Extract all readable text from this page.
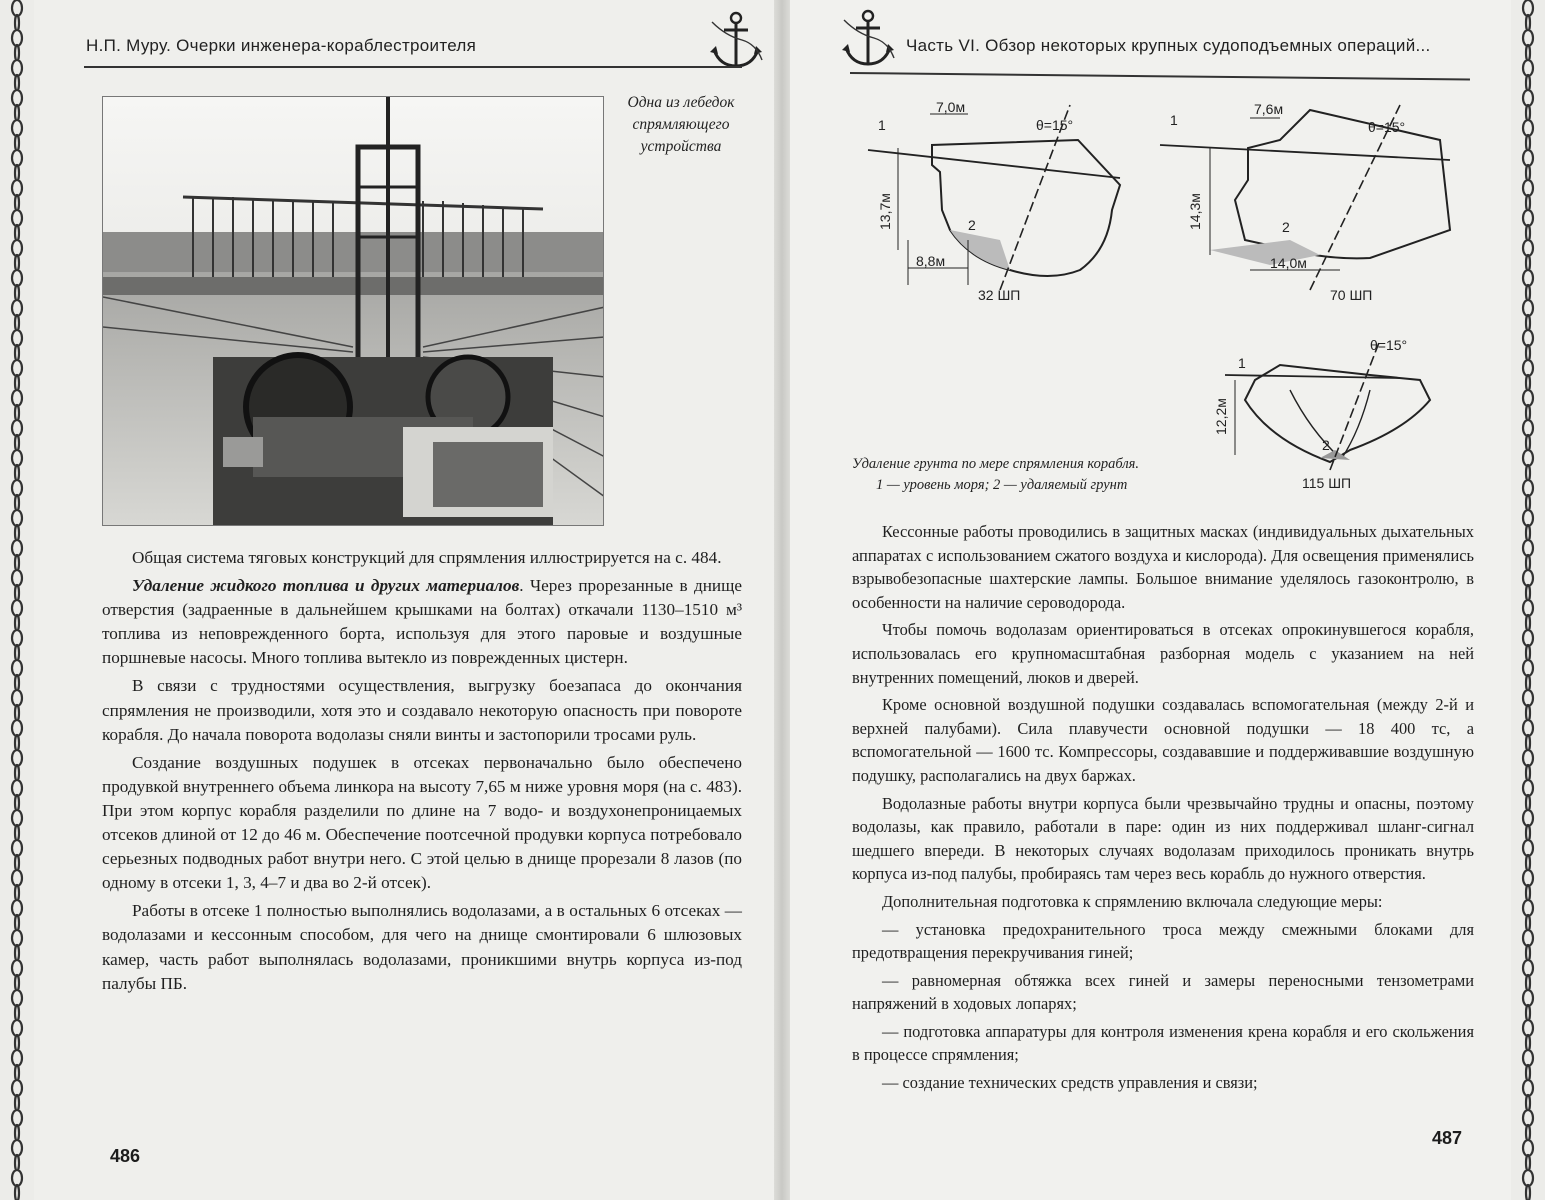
Н.П. Муру. Очерки инженера-кораблестроителя
Одна из лебедок
спрямляющего
устройства

Общая система тяговых конструкций для спрямления иллюстрируется на с. 484.

Удаление жидкого топлива и других материалов. Через прорезанные в днище отверстия (задраенные в дальнейшем крышками на болтах) откачали 1130–1510 м³ топлива из неповрежденного борта, используя для этого паровые и воздушные поршневые насосы. Много топлива вытекло из поврежденных цистерн.

В связи с трудностями осуществления, выгрузку боезапаса до окончания спрямления не производили, хотя это и создавало некоторую опасность при повороте корабля. До начала поворота водолазы сняли винты и застопорили тросами руль.

Создание воздушных подушек в отсеках первоначально было обеспечено продувкой внутреннего объема линкора на высоту 7,65 м ниже уровня моря (на с. 483). При этом корпус корабля разделили по длине на 7 водо- и воздухонепроницаемых отсеков длиной от 12 до 46 м. Обеспечение поотсечной продувки корпуса потребовало серьезных подводных работ внутри него. С этой целью в днище прорезали 8 лазов (по одному в отсеки 1, 3, 4–7 и два во 2-й отсек).

Работы в отсеке 1 полностью выполнялись водолазами, а в остальных 6 отсеках — водолазами и кессонным способом, для чего на днище смонтировали 6 шлюзовых камер, часть работ выполнялась водолазами, проникшими внутрь корпуса из-под палубы ПБ.

486
Часть VI. Обзор некоторых крупных судоподъемных операций...
1
7,0м
θ=15°
13,7м	2
8,8м
32 ШП
1
7,6м
θ=15°
14,3м	2
14,0м
70 ШП
1
θ=15°
12,2м
2
115 ШП
Удаление грунта по мере спрямления корабля.
1 — уровень моря; 2 — удаляемый грунт

Кессонные работы проводились в защитных масках (индивидуальных дыхательных аппаратах с использованием сжатого воздуха и кислорода). Для освещения применялись взрывобезопасные шахтерские лампы. Большое внимание уделялось газоконтролю, в особенности на наличие сероводорода.

Чтобы помочь водолазам ориентироваться в отсеках опрокинувшегося корабля, использовалась его крупномасштабная разборная модель с указанием на ней внутренних помещений, люков и дверей.

Кроме основной воздушной подушки создавалась вспомогательная (между 2-й и верхней палубами). Сила плавучести основной подушки — 18 400 тс, а вспомогательной — 1600 тс. Компрессоры, создававшие и поддерживавшие воздушную подушку, располагались на двух баржах.

Водолазные работы внутри корпуса были чрезвычайно трудны и опасны, поэтому водолазы, как правило, работали в паре: один из них поддерживал шланг-сигнал шедшего впереди. В некоторых случаях водолазам приходилось проникать внутрь корпуса из-под палубы, пробираясь там через весь корабль до нужного отверстия.

Дополнительная подготовка к спрямлению включала следующие меры:

— установка предохранительного троса между смежными блоками для предотвращения перекручивания гиней;

— равномерная обтяжка всех гиней и замеры переносными тензометрами напряжений в ходовых лопарях;

— подготовка аппаратуры для контроля изменения крена корабля и его скольжения в процессе спрямления;

— создание технических средств управления и связи;

487
